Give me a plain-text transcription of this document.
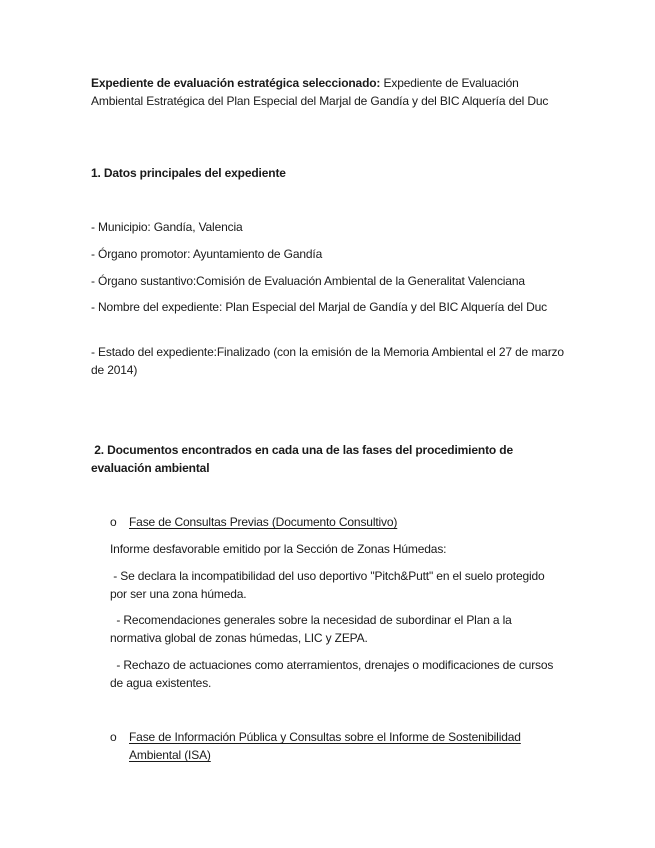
Expediente de evaluación estratégica seleccionado: Expediente de Evaluación Ambiental Estratégica del Plan Especial del Marjal de Gandía y del BIC Alquería del Duc

1. Datos principales del expediente

- Municipio: Gandía, Valencia

- Órgano promotor: Ayuntamiento de Gandía

- Órgano sustantivo:Comisión de Evaluación Ambiental de la Generalitat Valenciana

- Nombre del expediente: Plan Especial del Marjal de Gandía y del BIC Alquería del Duc

- Estado del expediente:Finalizado (con la emisión de la Memoria Ambiental el 27 de marzo de 2014)

2. Documentos encontrados en cada una de las fases del procedimiento de evaluación ambiental

o	Fase de Consultas Previas (Documento Consultivo)

Informe desfavorable emitido por la Sección de Zonas Húmedas:

- Se declara la incompatibilidad del uso deportivo "Pitch&Putt" en el suelo protegido por ser una zona húmeda.

- Recomendaciones generales sobre la necesidad de subordinar el Plan a la normativa global de zonas húmedas, LIC y ZEPA.

- Rechazo de actuaciones como aterramientos, drenajes o modificaciones de cursos de agua existentes.

o	Fase de Información Pública y Consultas sobre el Informe de Sostenibilidad Ambiental (ISA)
